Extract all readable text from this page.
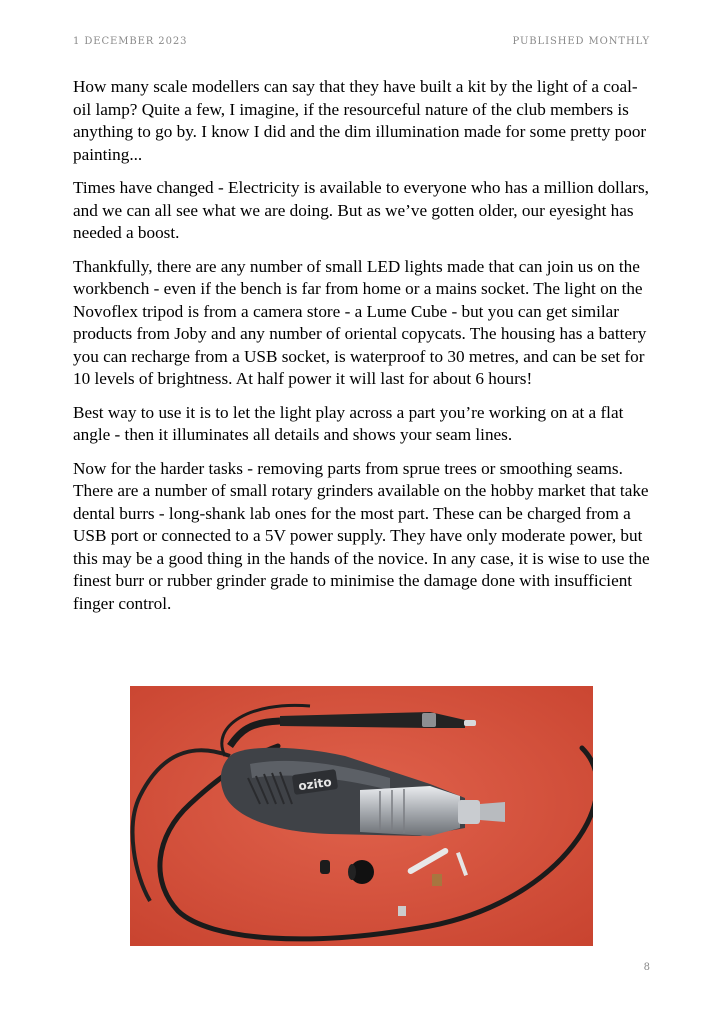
1 DECEMBER 2023	PUBLISHED MONTHLY

How many scale modellers can say that they have built a kit by the light of a coal-oil lamp? Quite a few, I imagine, if the resourceful nature of the club members is anything to go by. I know I did and the dim illumination made for some pretty poor painting...

Times have changed - Electricity is available to everyone who has a million dollars, and we can all see what we are doing. But as we’ve gotten older, our eyesight has needed a boost.

Thankfully, there are any number of small LED lights made that can join us on the workbench - even if the bench is far from home or a mains socket. The light on the Novoflex tripod is from a camera store - a Lume Cube - but you can get similar products from Joby and any number of oriental copycats. The housing has a battery you can recharge from a USB socket, is waterproof to 30 metres, and can be set for 10 levels of brightness. At half power it will last for about 6 hours!

Best way to use it is to let the light play across a part you’re working on at a flat angle - then it illuminates all details and shows your seam lines.

Now for the harder tasks - removing parts from sprue trees or smoothing seams. There are a number of small rotary grinders available on the hobby market that take dental burrs - long-shank lab ones for the most part. These can be charged from a USB port or connected to a 5V power supply. They have only moderate power, but this may be a good thing in the hands of the novice. In any case, it is wise to use the finest burr or rubber grinder grade to minimise the damage done with insufficient finger control.

ozito
8
